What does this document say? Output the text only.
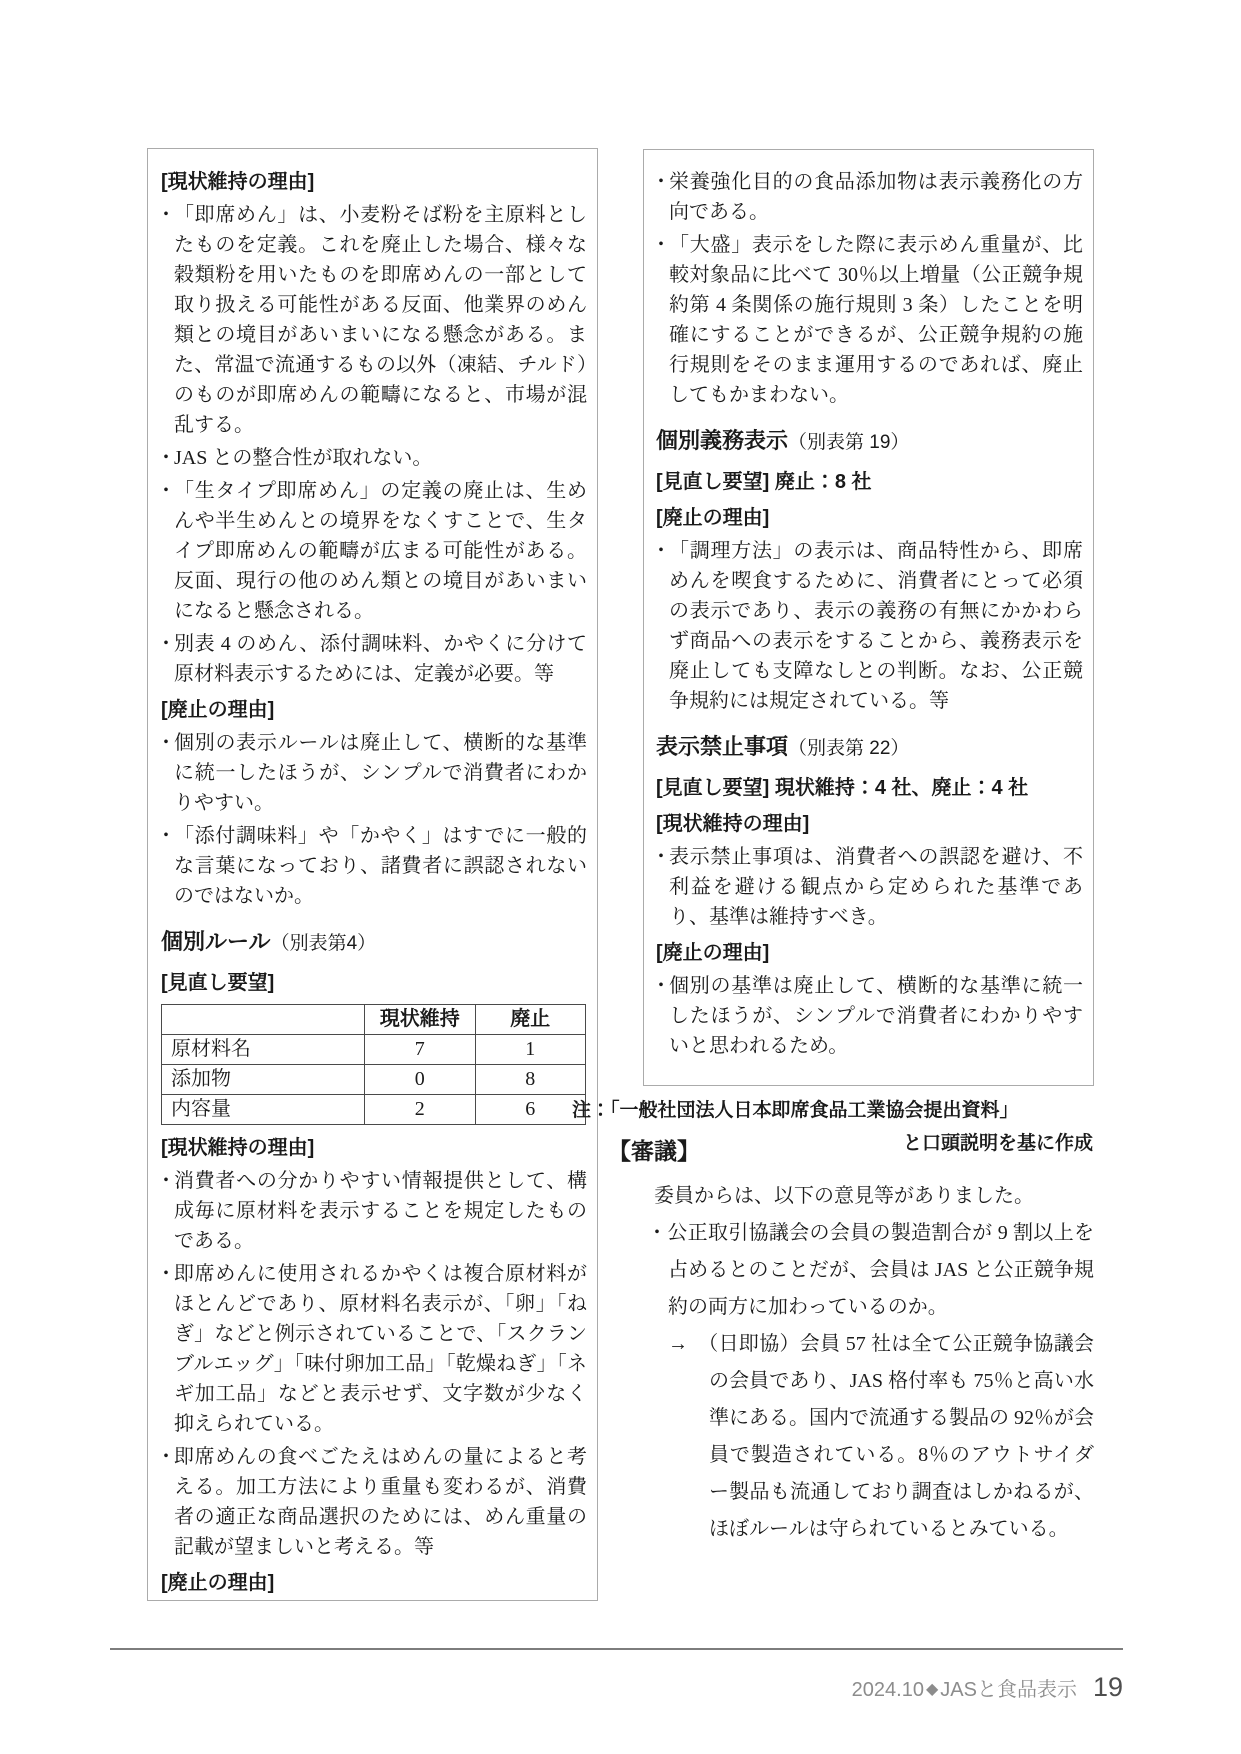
[現状維持の理由]
・
「即席めん」は、小麦粉そば粉を主原料としたものを定義。これを廃止した場合、様々な穀類粉を用いたものを即席めんの一部として取り扱える可能性がある反面、他業界のめん類との境目があいまいになる懸念がある。また、常温で流通するもの以外（凍結、チルド）のものが即席めんの範疇になると、市場が混乱する。
・
JAS との整合性が取れない。
・
「生タイプ即席めん」の定義の廃止は、生めんや半生めんとの境界をなくすことで、生タイプ即席めんの範疇が広まる可能性がある。反面、現行の他のめん類との境目があいまいになると懸念される。
・
別表 4 のめん、添付調味料、かやくに分けて原材料表示するためには、定義が必要。等
[廃止の理由]
・
個別の表示ルールは廃止して、横断的な基準に統一したほうが、シンプルで消費者にわかりやすい。
・
「添付調味料」や「かやく」はすでに一般的な言葉になっており、諸費者に誤認されないのではないか。
個別ルール（別表第4）
[見直し要望]
	現状維持	廃止
原材料名	7	1
添加物	0	8
内容量	2	6
[現状維持の理由]
・
消費者への分かりやすい情報提供として、構成毎に原材料を表示することを規定したものである。
・
即席めんに使用されるかやくは複合原材料がほとんどであり、原材料名表示が、「卵」「ねぎ」などと例示されていることで、「スクランブルエッグ」「味付卵加工品」「乾燥ねぎ」「ネギ加工品」などと表示せず、文字数が少なく抑えられている。
・
即席めんの食べごたえはめんの量によると考える。加工方法により重量も変わるが、消費者の適正な商品選択のためには、めん重量の記載が望ましいと考える。等
[廃止の理由]
・
栄養強化目的の食品添加物は表示義務化の方向である。
・
「大盛」表示をした際に表示めん重量が、比較対象品に比べて 30％以上増量（公正競争規約第 4 条関係の施行規則 3 条）したことを明確にすることができるが、公正競争規約の施行規則をそのまま運用するのであれば、廃止してもかまわない。
個別義務表示（別表第 19）
[見直し要望] 廃止：8 社
[廃止の理由]
・
「調理方法」の表示は、商品特性から、即席めんを喫食するために、消費者にとって必須の表示であり、表示の義務の有無にかかわらず商品への表示をすることから、義務表示を廃止しても支障なしとの判断。なお、公正競争規約には規定されている。等
表示禁止事項（別表第 22）
[見直し要望] 現状維持：4 社、廃止：4 社
[現状維持の理由]
・
表示禁止事項は、消費者への誤認を避け、不利益を避ける観点から定められた基準であり、基準は維持すべき。
[廃止の理由]
・
個別の基準は廃止して、横断的な基準に統一したほうが、シンプルで消費者にわかりやすいと思われるため。
注：「一般社団法人日本即席食品工業協会提出資料」
と口頭説明を基に作成
【審議】
委員からは、以下の意見等がありました。
・公正取引協議会の会員の製造割合が 9 割以上を占めるとのことだが、会員は JAS と公正競争規約の両方に加わっているのか。
→ （日即協）会員 57 社は全て公正競争協議会の会員であり、JAS 格付率も 75％と高い水準にある。国内で流通する製品の 92％が会員で製造されている。8％のアウトサイダー製品も流通しており調査はしかねるが、ほぼルールは守られているとみている。
2024.10 ◆ JASと食品表示 19
